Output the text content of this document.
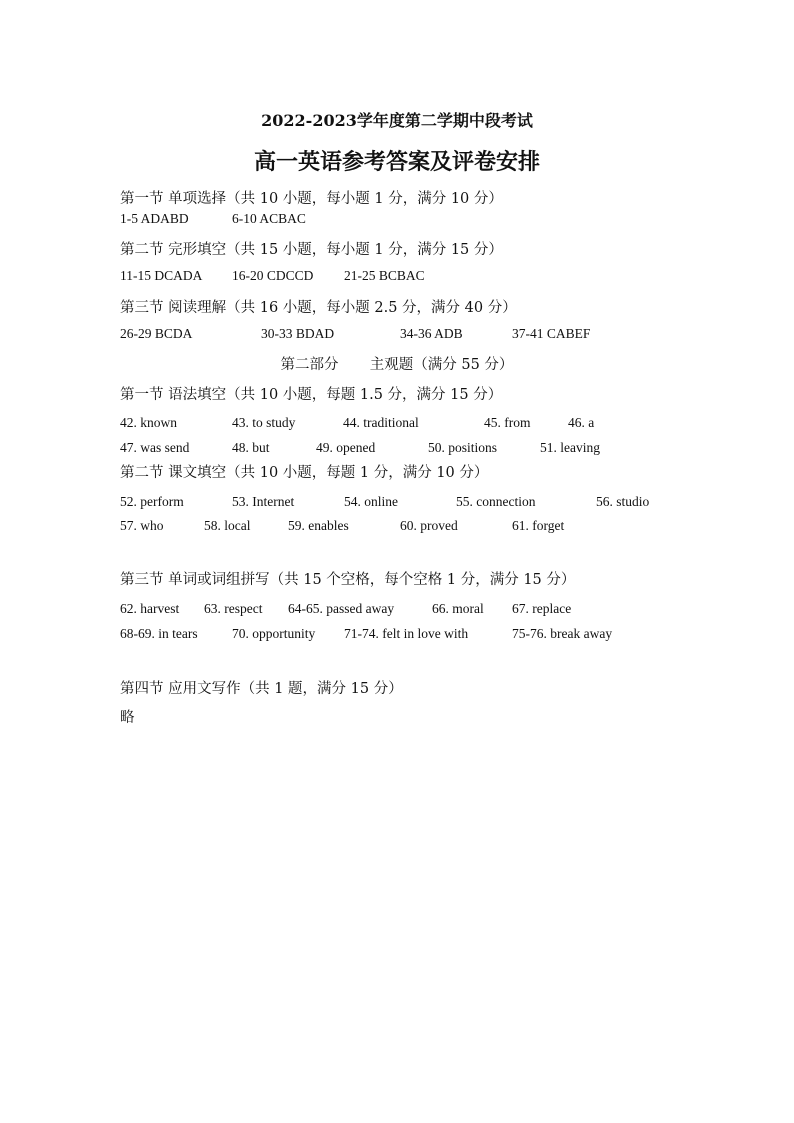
2022-2023学年度第二学期中段考试
高一英语参考答案及评卷安排
第一节 单项选择（共 10 小题，每小题 1 分，满分 10 分）
1-5 ADABD	6-10 ACBAC
第二节 完形填空（共 15 小题，每小题 1 分，满分 15 分）
11-15 DCADA 16-20 CDCCD 21-25 BCBAC
第三节 阅读理解（共 16 小题，每小题 2.5 分，满分 40 分）
26-29 BCDA	30-33 BDAD	34-36 ADB	37-41 CABEF
第二部分 主观题（满分 55 分）
第一节 语法填空（共 10 小题，每题 1.5 分，满分 15 分）
42. known	43. to study	44. traditional	45. from	46. a
47. was send	48. but	49. opened	50. positions	51. leaving
第二节 课文填空（共 10 小题，每题 1 分，满分 10 分）
52. perform	53. Internet	54. online	55. connection	56. studio
57. who	58. local	59. enables	60. proved	61. forget
第三节 单词或词组拼写（共 15 个空格，每个空格 1 分，满分 15 分）
62. harvest 63. respect 64-65. passed away	66. moral 67. replace
68-69. in tears	70. opportunity 71-74. felt in love with	75-76. break away
第四节 应用文写作（共 1 题，满分 15 分）
略
